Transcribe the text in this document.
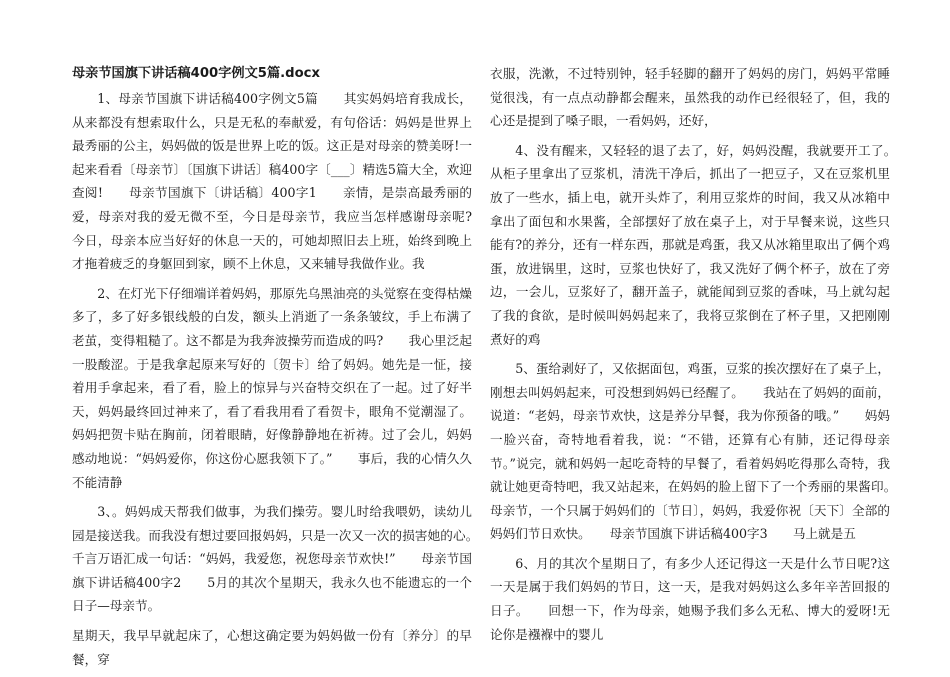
母亲节国旗下讲话稿400字例文5篇.docx

1、母亲节国旗下讲话稿400字例文5篇　　其实妈妈培育我成长，从来都没有想索取什么，只是无私的奉献爱，有句俗话：妈妈是世界上最秀丽的公主，妈妈做的饭是世界上吃的饭。这正是对母亲的赞美呀!一起来看看〔母亲节〕〔国旗下讲话〕稿400字〔___〕精选5篇大全，欢迎查阅!　　母亲节国旗下〔讲话稿〕400字1　　亲情，是崇高最秀丽的爱，母亲对我的爱无微不至，今日是母亲节，我应当怎样感谢母亲呢?　　今日，母亲本应当好好的休息一天的，可她却照旧去上班，始终到晚上才拖着疲乏的身躯回到家，顾不上休息，又来辅导我做作业。我

2、在灯光下仔细端详着妈妈，那原先乌黑油亮的头觉察在变得枯燥多了，多了好多银线般的白发，额头上消逝了一条条皱纹，手上布满了老茧，变得粗糙了。这不都是为我奔波操劳而造成的吗?　　我心里泛起一股酸涩。于是我拿起原来写好的〔贺卡〕给了妈妈。她先是一怔，接着用手拿起来，看了看，脸上的惊异与兴奋特交织在了一起。过了好半天，妈妈最终回过神来了，看了看我用看了看贺卡，眼角不觉潮湿了。妈妈把贺卡贴在胸前，闭着眼睛，好像静静地在祈祷。过了会儿，妈妈感动地说：“妈妈爱你，你这份心愿我领下了。”　　事后，我的心情久久不能清静

3、。妈妈成天帮我们做事，为我们操劳。婴儿时给我喂奶，读幼儿园是接送我。而我没有想过要回报妈妈，只是一次又一次的损害她的心。　　千言万语汇成一句话：“妈妈，我爱您，祝您母亲节欢快!”　　母亲节国旗下讲话稿400字2　　5月的其次个星期天，我永久也不能遗忘的一个日子—母亲节。

星期天，我早早就起床了，心想这确定要为妈妈做一份有〔养分〕的早餐，穿

衣服，洗漱，不过特别钟，轻手轻脚的翻开了妈妈的房门，妈妈平常睡觉很浅，有一点点动静都会醒来，虽然我的动作已经很轻了，但，我的心还是提到了嗓子眼，一看妈妈，还好，

4、没有醒来，又轻轻的退了去了，好，妈妈没醒，我就要开工了。　　从柜子里拿出了豆浆机，清洗干净后，抓出了一把豆子，又在豆浆机里放了一些水，插上电，就开头炸了，利用豆浆炸的时间，我又从冰箱中拿出了面包和水果酱，全部摆好了放在桌子上，对于早餐来说，这些只能有?的养分，还有一样东西，那就是鸡蛋，我又从冰箱里取出了俩个鸡蛋，放进锅里，这时，豆浆也快好了，我又洗好了俩个杯子，放在了旁边，一会儿，豆浆好了，翻开盖子，就能闻到豆浆的香味，马上就勾起了我的食欲，是时候叫妈妈起来了，我将豆浆倒在了杯子里，又把刚刚煮好的鸡

5、蛋给剥好了，又依据面包，鸡蛋，豆浆的挨次摆好在了桌子上，刚想去叫妈妈起来，可没想到妈妈已经醒了。　　我站在了妈妈的面前，说道：“老妈，母亲节欢快，这是养分早餐，我为你预备的哦。”　　妈妈一脸兴奋，奇特地看着我，说：“不错，还算有心有肺，还记得母亲节。”说完，就和妈妈一起吃奇特的早餐了，看着妈妈吃得那么奇特，我就让她更奇特吧，我又站起来，在妈妈的脸上留下了一个秀丽的果酱印。　　母亲节，一个只属于妈妈们的〔节日〕，妈妈，我爱你祝〔天下〕全部的妈妈们节日欢快。　　母亲节国旗下讲话稿400字3　　马上就是五

6、月的其次个星期日了，有多少人还记得这一天是什么节日呢?这一天是属于我们妈妈的节日，这一天，是我对妈妈这么多年辛苦回报的日子。　　回想一下，作为母亲，她赐予我们多么无私、博大的爱呀!无论你是襁褓中的婴儿
